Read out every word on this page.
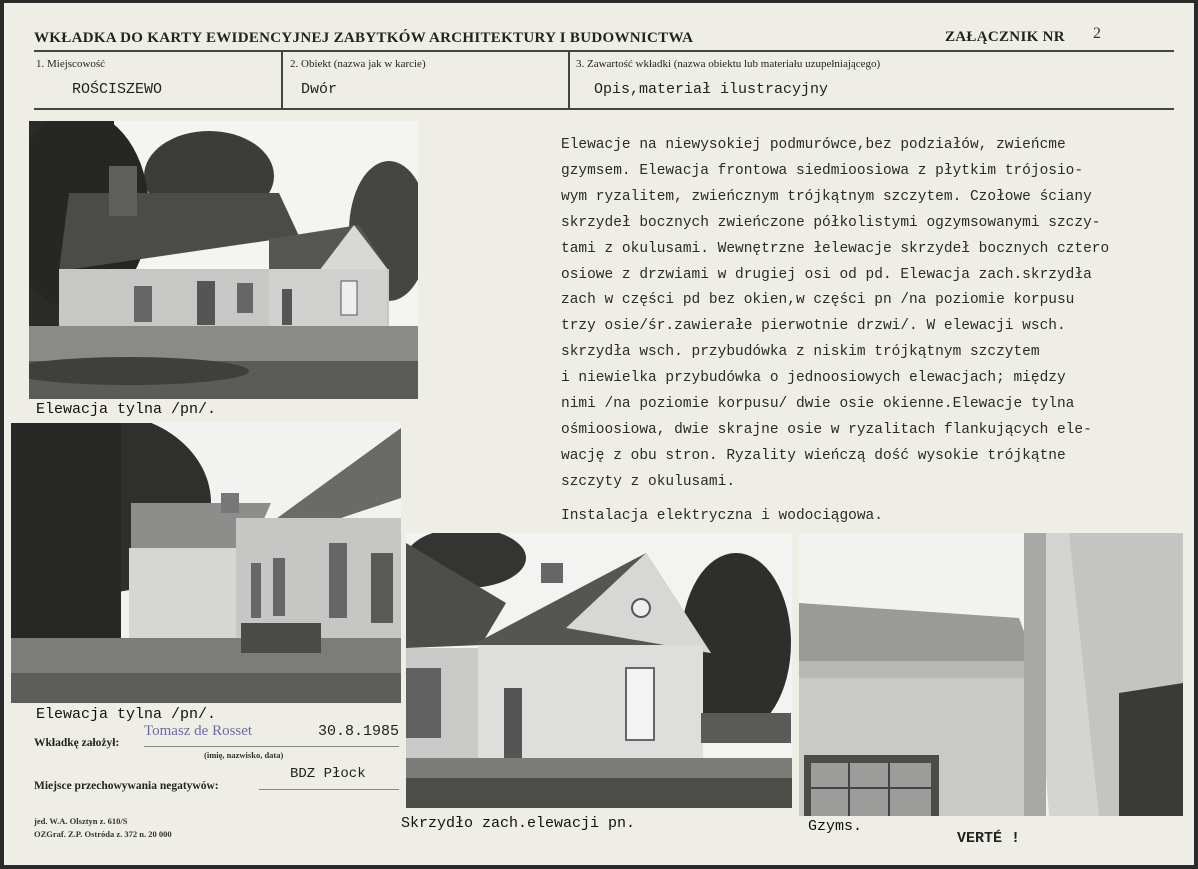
WKŁADKA DO KARTY EWIDENCYJNEJ ZABYTKÓW ARCHITEKTURY I BUDOWNICTWA	ZAŁĄCZNIK NR 2
1. Miejscowość
ROŚCISZEWO
2. Obiekt (nazwa jak w karcie)
Dwór
3. Zawartość wkładki (nazwa obiektu lub materiału uzupełniającego)
Opis,materiał ilustracyjny
Elewacja tylna /pn/.
Elewacja tylna /pn/.
Skrzydło zach.elewacji pn.	Gzyms.
Elewacje na niewysokiej podmurówce,bez podziałów, zwieńcme
gzymsem. Elewacja frontowa siedmioosiowa z płytkim trójosio-
wym ryzalitem, zwieńcznym trójkątnym szczytem. Czołowe ściany
skrzydeł bocznych zwieńczone półkolistymi ogzymsowanymi szczy-
tami z okulusami. Wewnętrzne łelewacje skrzydeł bocznych cztero
osiowe z drzwiami w drugiej osi od pd. Elewacja zach.skrzydła
zach w części pd bez okien,w części pn /na poziomie korpusu
trzy osie/śr.zawierałe pierwotnie drzwi/. W elewacji wsch.
skrzydła wsch. przybudówka z niskim trójkątnym szczytem
i niewielka przybudówka o jednoosiowych elewacjach; między
nimi /na poziomie korpusu/ dwie osie okienne.Elewacje tylna
ośmioosiowa, dwie skrajne osie w ryzalitach flankujących ele-
wację z obu stron. Ryzality wieńczą dość wysokie trójkątne
szczyty z okulusami.
Instalacja elektryczna i wodociągowa.
Wkładkę założył:
Tomasz de Rosset	30.8.1985
(imię, nazwisko, data)
Miejsce przechowywania negatywów:
BDZ Płock
jed. W.A. Olsztyn z. 610/S
OZGraf. Z.P. Ostróda z. 372 n. 20 000	VERTÉ !
